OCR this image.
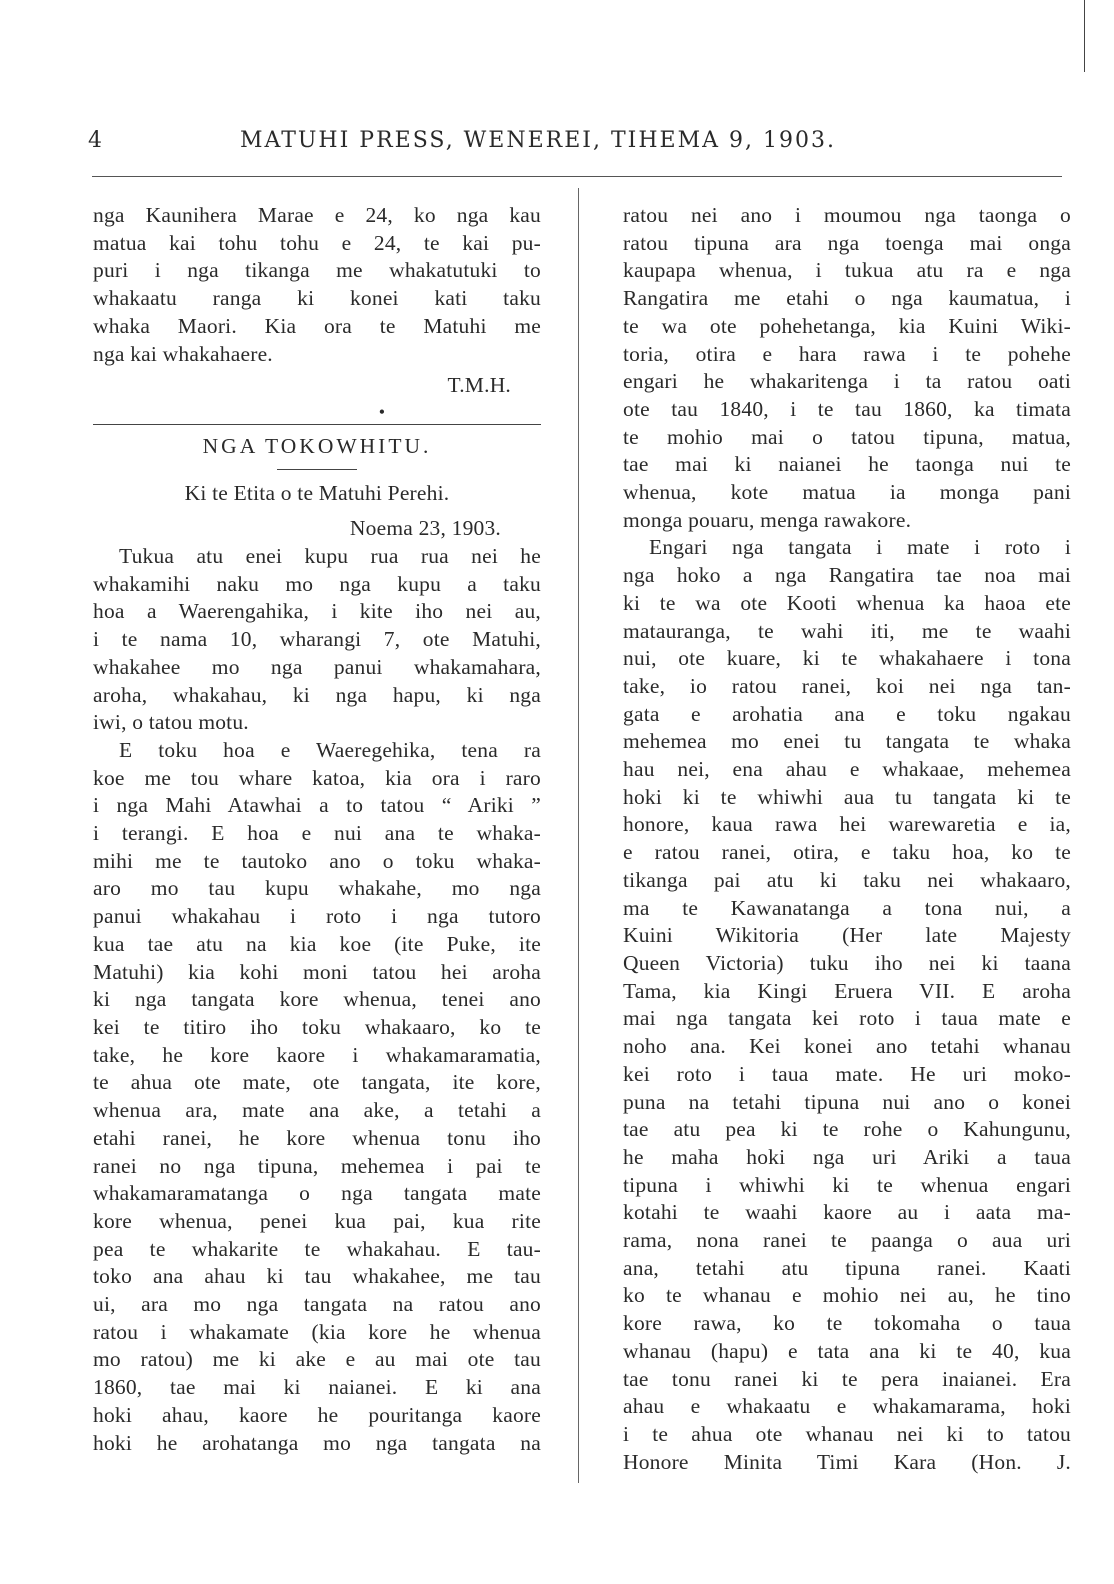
4	MATUHI PRESS, WENEREI, TIHEMA 9, 1903.
nga Kaunihera Marae e 24, ko nga kau
matua kai tohu tohu e 24, te kai pu-
puri i nga tikanga me whakatutuki to
whakaatu ranga ki konei kati taku
whaka Maori. Kia ora te Matuhi me
nga kai whakahaere.
T.M.H.
•
NGA TOKOWHITU.
Ki te Etita o te Matuhi Perehi.
Noema 23, 1903.
Tukua atu enei kupu rua rua nei he
whakamihi naku mo nga kupu a taku
hoa a Waerengahika, i kite iho nei au,
i te nama 10, wharangi 7, ote Matuhi,
whakahee mo nga panui whakamahara,
aroha, whakahau, ki nga hapu, ki nga
iwi, o tatou motu.
E toku hoa e Waeregehika, tena ra
koe me tou whare katoa, kia ora i raro
i nga Mahi Atawhai a to tatou “ Ariki ”
i terangi. E hoa e nui ana te whaka-
mihi me te tautoko ano o toku whaka-
aro mo tau kupu whakahe, mo nga
panui whakahau i roto i nga tutoro
kua tae atu na kia koe (ite Puke, ite
Matuhi) kia kohi moni tatou hei aroha
ki nga tangata kore whenua, tenei ano
kei te titiro iho toku whakaaro, ko te
take, he kore kaore i whakamaramatia,
te ahua ote mate, ote tangata, ite kore,
whenua ara, mate ana ake, a tetahi a
etahi ranei, he kore whenua tonu iho
ranei no nga tipuna, mehemea i pai te
whakamaramatanga o nga tangata mate
kore whenua, penei kua pai, kua rite
pea te whakarite te whakahau. E tau-
toko ana ahau ki tau whakahee, me tau
ui, ara mo nga tangata na ratou ano
ratou i whakamate (kia kore he whenua
mo ratou) me ki ake e au mai ote tau
1860, tae mai ki naianei. E ki ana
hoki ahau, kaore he pouritanga kaore
hoki he arohatanga mo nga tangata na
ratou nei ano i moumou nga taonga o
ratou tipuna ara nga toenga mai onga
kaupapa whenua, i tukua atu ra e nga
Rangatira me etahi o nga kaumatua, i
te wa ote pohehetanga, kia Kuini Wiki-
toria, otira e hara rawa i te pohehe
engari he whakaritenga i ta ratou oati
ote tau 1840, i te tau 1860, ka timata
te mohio mai o tatou tipuna, matua,
tae mai ki naianei he taonga nui te
whenua, kote matua ia monga pani
monga pouaru, menga rawakore.
Engari nga tangata i mate i roto i
nga hoko a nga Rangatira tae noa mai
ki te wa ote Kooti whenua ka haoa ete
matauranga, te wahi iti, me te waahi
nui, ote kuare, ki te whakahaere i tona
take, io ratou ranei, koi nei nga tan-
gata e arohatia ana e toku ngakau
mehemea mo enei tu tangata te whaka
hau nei, ena ahau e whakaae, mehemea
hoki ki te whiwhi aua tu tangata ki te
honore, kaua rawa hei warewaretia e ia,
e ratou ranei, otira, e taku hoa, ko te
tikanga pai atu ki taku nei whakaaro,
ma te Kawanatanga a tona nui, a
Kuini Wikitoria (Her late Majesty
Queen Victoria) tuku iho nei ki taana
Tama, kia Kingi Eruera VII. E aroha
mai nga tangata kei roto i taua mate e
noho ana. Kei konei ano tetahi whanau
kei roto i taua mate. He uri moko-
puna na tetahi tipuna nui ano o konei
tae atu pea ki te rohe o Kahungunu,
he maha hoki nga uri Ariki a taua
tipuna i whiwhi ki te whenua engari
kotahi te waahi kaore au i aata ma-
rama, nona ranei te paanga o aua uri
ana, tetahi atu tipuna ranei. Kaati
ko te whanau e mohio nei au, he tino
kore rawa, ko te tokomaha o taua
whanau (hapu) e tata ana ki te 40, kua
tae tonu ranei ki te pera inaianei. Era
ahau e whakaatu e whakamarama, hoki
i te ahua ote whanau nei ki to tatou
Honore Minita Timi Kara (Hon. J.
